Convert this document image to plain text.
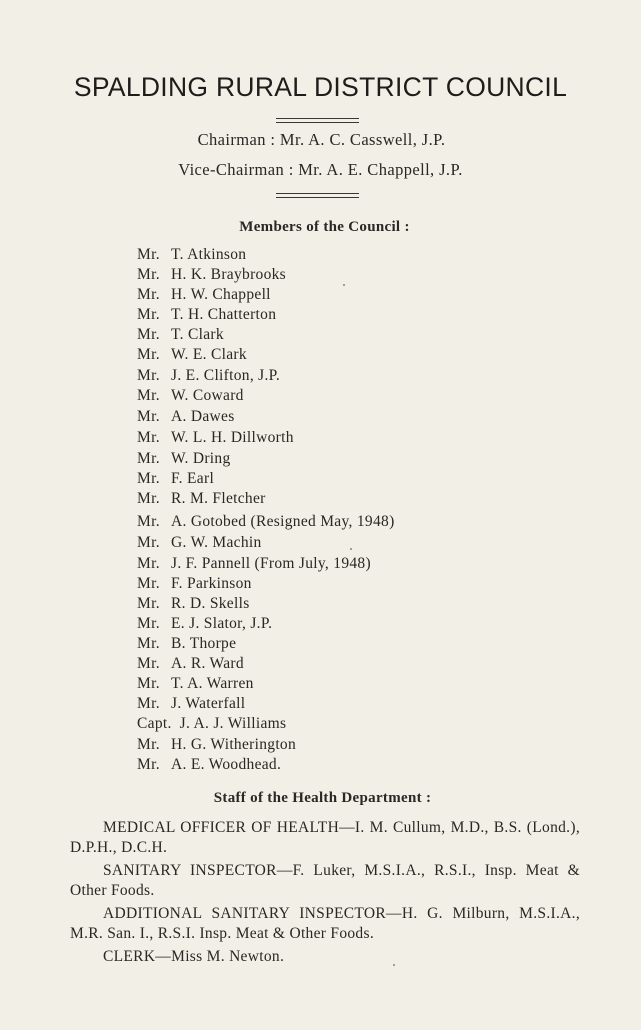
SPALDING RURAL DISTRICT COUNCIL
Chairman : Mr. A. C. Casswell, J.P.
Vice-Chairman : Mr. A. E. Chappell, J.P.
Members of the Council :
Mr. T. Atkinson
Mr. H. K. Braybrooks
Mr. H. W. Chappell
Mr. T. H. Chatterton
Mr. T. Clark
Mr. W. E. Clark
Mr. J. E. Clifton, J.P.
Mr. W. Coward
Mr. A. Dawes
Mr. W. L. H. Dillworth
Mr. W. Dring
Mr. F. Earl
Mr. R. M. Fletcher
Mr. A. Gotobed (Resigned May, 1948)
Mr. G. W. Machin
Mr. J. F. Pannell (From July, 1948)
Mr. F. Parkinson
Mr. R. D. Skells
Mr. E. J. Slator, J.P.
Mr. B. Thorpe
Mr. A. R. Ward
Mr. T. A. Warren
Mr. J. Waterfall
Capt. J. A. J. Williams
Mr. H. G. Witherington
Mr. A. E. Woodhead.
Staff of the Health Department :

MEDICAL OFFICER OF HEALTH—I. M. Cullum, M.D., B.S. (Lond.), D.P.H., D.C.H.

SANITARY INSPECTOR—F. Luker, M.S.I.A., R.S.I., Insp. Meat & Other Foods.

ADDITIONAL SANITARY INSPECTOR—H. G. Milburn, M.S.I.A., M.R. San. I., R.S.I. Insp. Meat & Other Foods.

CLERK—Miss M. Newton.
